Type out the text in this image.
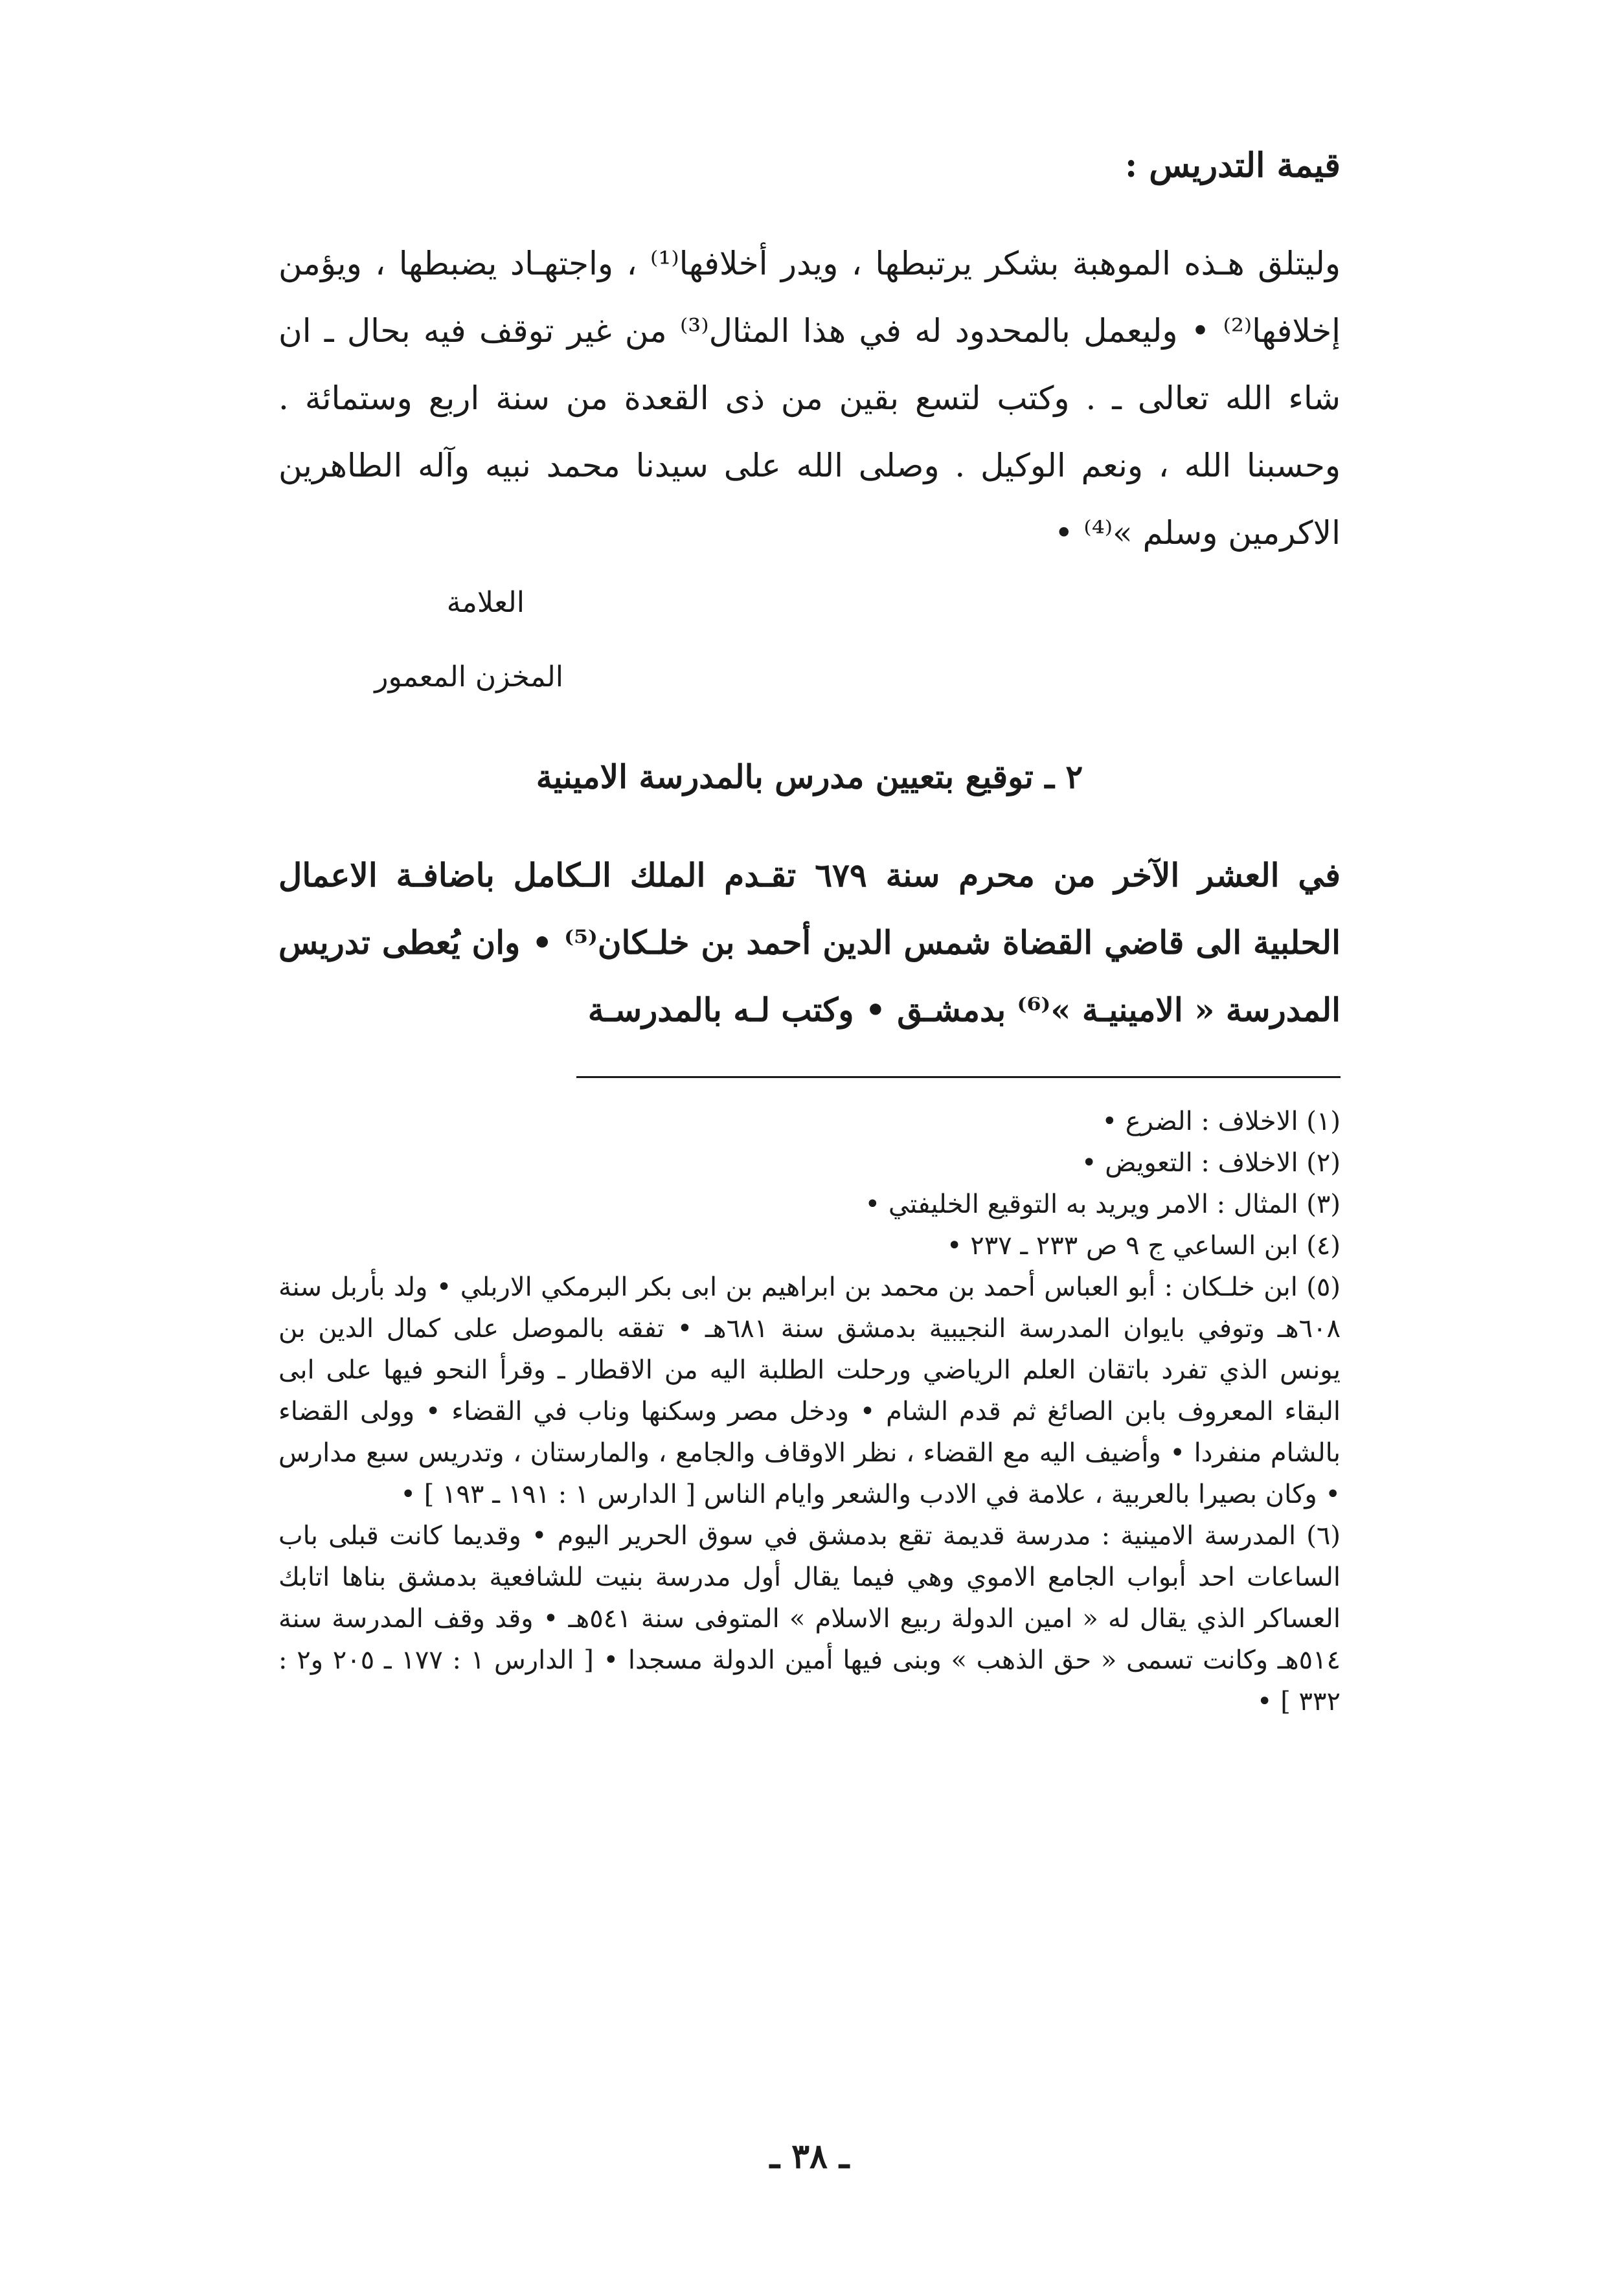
قيمة التدريس :

وليتلق هـذه الموهبة بشكر يرتبطها ، ويدر أخلافها⁽¹⁾ ، واجتهـاد يضبطها ، ويؤمن إخلافها⁽²⁾ • وليعمل بالمحدود له في هذا المثال⁽³⁾ من غير توقف فيه بحال ـ ان شاء الله تعالى ـ . وكتب لتسع بقين من ذى القعدة من سنة اربع وستمائة . وحسبنا الله ، ونعم الوكيل . وصلى الله على سيدنا محمد نبيه وآله الطاهرين الاكرمين وسلم »⁽⁴⁾ •

العلامة

المخزن المعمور

٢ ـ توقيع بتعيين مدرس بالمدرسة الامينية

في العشر الآخر من محرم سنة ٦٧٩ تقـدم الملك الـكامل باضافـة الاعمال الحلبية الى قاضي القضاة شمس الدين أحمد بن خلـكان⁽⁵⁾ • وان يُعطى تدريس المدرسة « الامينيـة »⁽⁶⁾ بدمشـق • وكتب لـه بالمدرسـة

(١) الاخلاف : الضرع •
(٢) الاخلاف : التعويض •
(٣) المثال : الامر ويريد به التوقيع الخليفتي •
(٤) ابن الساعي ج ٩ ص ٢٣٣ ـ ٢٣٧ •
(٥) ابن خلـكان : أبو العباس أحمد بن محمد بن ابراهيم بن ابى بكر البرمكي الاربلي • ولد بأربل سنة ٦٠٨هـ وتوفي بايوان المدرسة النجيبية بدمشق سنة ٦٨١هـ • تفقه بالموصل على كمال الدين بن يونس الذي تفرد باتقان العلم الرياضي ورحلت الطلبة اليه من الاقطار ـ وقرأ النحو فيها على ابى البقاء المعروف بابن الصائغ ثم قدم الشام • ودخل مصر وسكنها وناب في القضاء • وولى القضاء بالشام منفردا • وأضيف اليه مع القضاء ، نظر الاوقاف والجامع ، والمارستان ، وتدريس سبع مدارس • وكان بصيرا بالعربية ، علامة في الادب والشعر وايام الناس [ الدارس ١ : ١٩١ ـ ١٩٣ ] •
(٦) المدرسة الامينية : مدرسة قديمة تقع بدمشق في سوق الحرير اليوم • وقديما كانت قبلى باب الساعات احد أبواب الجامع الاموي وهي فيما يقال أول مدرسة بنيت للشافعية بدمشق بناها اتابك العساكر الذي يقال له « امين الدولة ربيع الاسلام » المتوفى سنة ٥٤١هـ • وقد وقف المدرسة سنة ٥١٤هـ وكانت تسمى « حق الذهب » وبنى فيها أمين الدولة مسجدا • [ الدارس ١ : ١٧٧ ـ ٢٠٥ و٢ : ٣٣٢ ] •

ـ ٣٨ ـ
